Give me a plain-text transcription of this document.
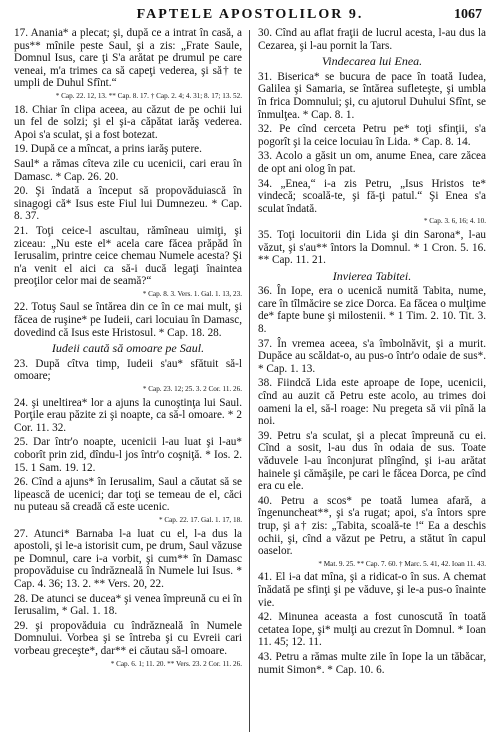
FAPTELE APOSTOLILOR 9.	1067
17. Anania* a plecat; şi, după ce a intrat în casă, a pus** mînile peste Saul, şi a zis: „Frate Saule, Domnul Isus, care ţi S'a arătat pe drumul pe care veneai, m'a trimes ca să capeţi vederea, şi să† te umpli de Duhul Sfînt.“
* Cap. 22. 12, 13. ** Cap. 8. 17. † Cap. 2. 4; 4. 31; 8. 17; 13. 52.
18. Chiar în clipa aceea, au căzut de pe ochii lui un fel de solzi; şi el şi-a căpătat iarăş vederea. Apoi s'a sculat, şi a fost botezat.
19. După ce a mîncat, a prins iarăş putere.
Saul* a rămas cîteva zile cu ucenicii, cari erau în Damasc. * Cap. 26. 20.
20. Şi îndată a început să propovăduiască în sinagogi că* Isus este Fiul lui Dumnezeu. * Cap. 8. 37.
21. Toţi ceice-l ascultau, rămîneau uimiţi, şi ziceau: „Nu este el* acela care făcea prăpăd în Ierusalim, printre ceice chemau Numele acesta? Şi n'a venit el aici ca să-i ducă legaţi înaintea preoţilor celor mai de seamă?“
* Cap. 8. 3. Vers. 1. Gal. 1. 13, 23.
22. Totuş Saul se întărea din ce în ce mai mult, şi făcea de ruşine* pe Iudeii, cari locuiau în Damasc, dovedind că Isus este Hristosul. * Cap. 18. 28.
Iudeii caută să omoare pe Saul.
23. După cîtva timp, Iudeii s'au* sfătuit să-l omoare;
* Cap. 23. 12; 25. 3. 2 Cor. 11. 26.
24. şi uneltirea* lor a ajuns la cunoştinţa lui Saul. Porţile erau păzite zi şi noapte, ca să-l omoare. * 2 Cor. 11. 32.
25. Dar într'o noapte, ucenicii l-au luat şi l-au* coborît prin zid, dîndu-l jos într'o coşniţă. * Ios. 2. 15. 1 Sam. 19. 12.
26. Cînd a ajuns* în Ierusalim, Saul a căutat să se lipească de ucenici; dar toţi se temeau de el, căci nu puteau să creadă că este ucenic.
* Cap. 22. 17. Gal. 1. 17, 18.
27. Atunci* Barnaba l-a luat cu el, l-a dus la apostoli, şi le-a istorisit cum, pe drum, Saul văzuse pe Domnul, care i-a vorbit, şi cum** în Damasc propovăduise cu îndrăzneală în Numele lui Isus. * Cap. 4. 36; 13. 2. ** Vers. 20, 22.
28. De atunci se ducea* şi venea împreună cu ei în Ierusalim, * Gal. 1. 18.
29. şi propovăduia cu îndrăzneală în Numele Domnului. Vorbea şi se întreba şi cu Evreii cari vorbeau greceşte*, dar** ei căutau să-l omoare.
* Cap. 6. 1; 11. 20. ** Vers. 23. 2 Cor. 11. 26.
30. Cînd au aflat fraţii de lucrul acesta, l-au dus la Cezarea, şi l-au pornit la Tars.
Vindecarea lui Enea.
31. Biserica* se bucura de pace în toată Iudea, Galilea şi Samaria, se întărea sufleteşte, şi umbla în frica Domnului; şi, cu ajutorul Duhului Sfînt, se înmulţea. * Cap. 8. 1.
32. Pe cînd cerceta Petru pe* toţi sfinţii, s'a pogorît şi la ceice locuiau în Lida. * Cap. 8. 14.
33. Acolo a găsit un om, anume Enea, care zăcea de opt ani olog în pat.
34. „Enea,“ i-a zis Petru, „Isus Hristos te* vindecă; scoală-te, şi fă-ţi patul.“ Şi Enea s'a sculat îndată.
* Cap. 3. 6, 16; 4. 10.
35. Toţi locuitorii din Lida şi din Sarona*, l-au văzut, şi s'au** întors la Domnul. * 1 Cron. 5. 16. ** Cap. 11. 21.
Invierea Tabitei.
36. În Iope, era o ucenică numită Tabita, nume, care în tîlmăcire se zice Dorca. Ea făcea o mulţime de* fapte bune şi milostenii. * 1 Tim. 2. 10. Tit. 3. 8.
37. În vremea aceea, s'a îmbolnăvit, şi a murit. Dupăce au scăldat-o, au pus-o într'o odaie de sus*. * Cap. 1. 13.
38. Fiindcă Lida este aproape de Iope, ucenicii, cînd au auzit că Petru este acolo, au trimes doi oameni la el, să-l roage: Nu pregeta să vii pînă la noi.
39. Petru s'a sculat, şi a plecat împreună cu ei. Cînd a sosit, l-au dus în odaia de sus. Toate văduvele l-au înconjurat plîngînd, şi i-au arătat hainele şi cămăşile, pe cari le făcea Dorca, pe cînd era cu ele.
40. Petru a scos* pe toată lumea afară, a îngenuncheat**, şi s'a rugat; apoi, s'a întors spre trup, şi a† zis: „Tabita, scoală-te !“ Ea a deschis ochii, şi, cînd a văzut pe Petru, a stătut în capul oaselor.
* Mat. 9. 25. ** Cap. 7. 60. † Marc. 5. 41, 42. Ioan 11. 43.
41. El i-a dat mîna, şi a ridicat-o în sus. A chemat înădată pe sfinţi şi pe văduve, şi le-a pus-o înainte vie.
42. Minunea aceasta a fost cunoscută în toată cetatea Iope, şi* mulţi au crezut în Domnul. * Ioan 11. 45; 12. 11.
43. Petru a rămas multe zile în Iope la un tăbăcar, numit Simon*. * Cap. 10. 6.
